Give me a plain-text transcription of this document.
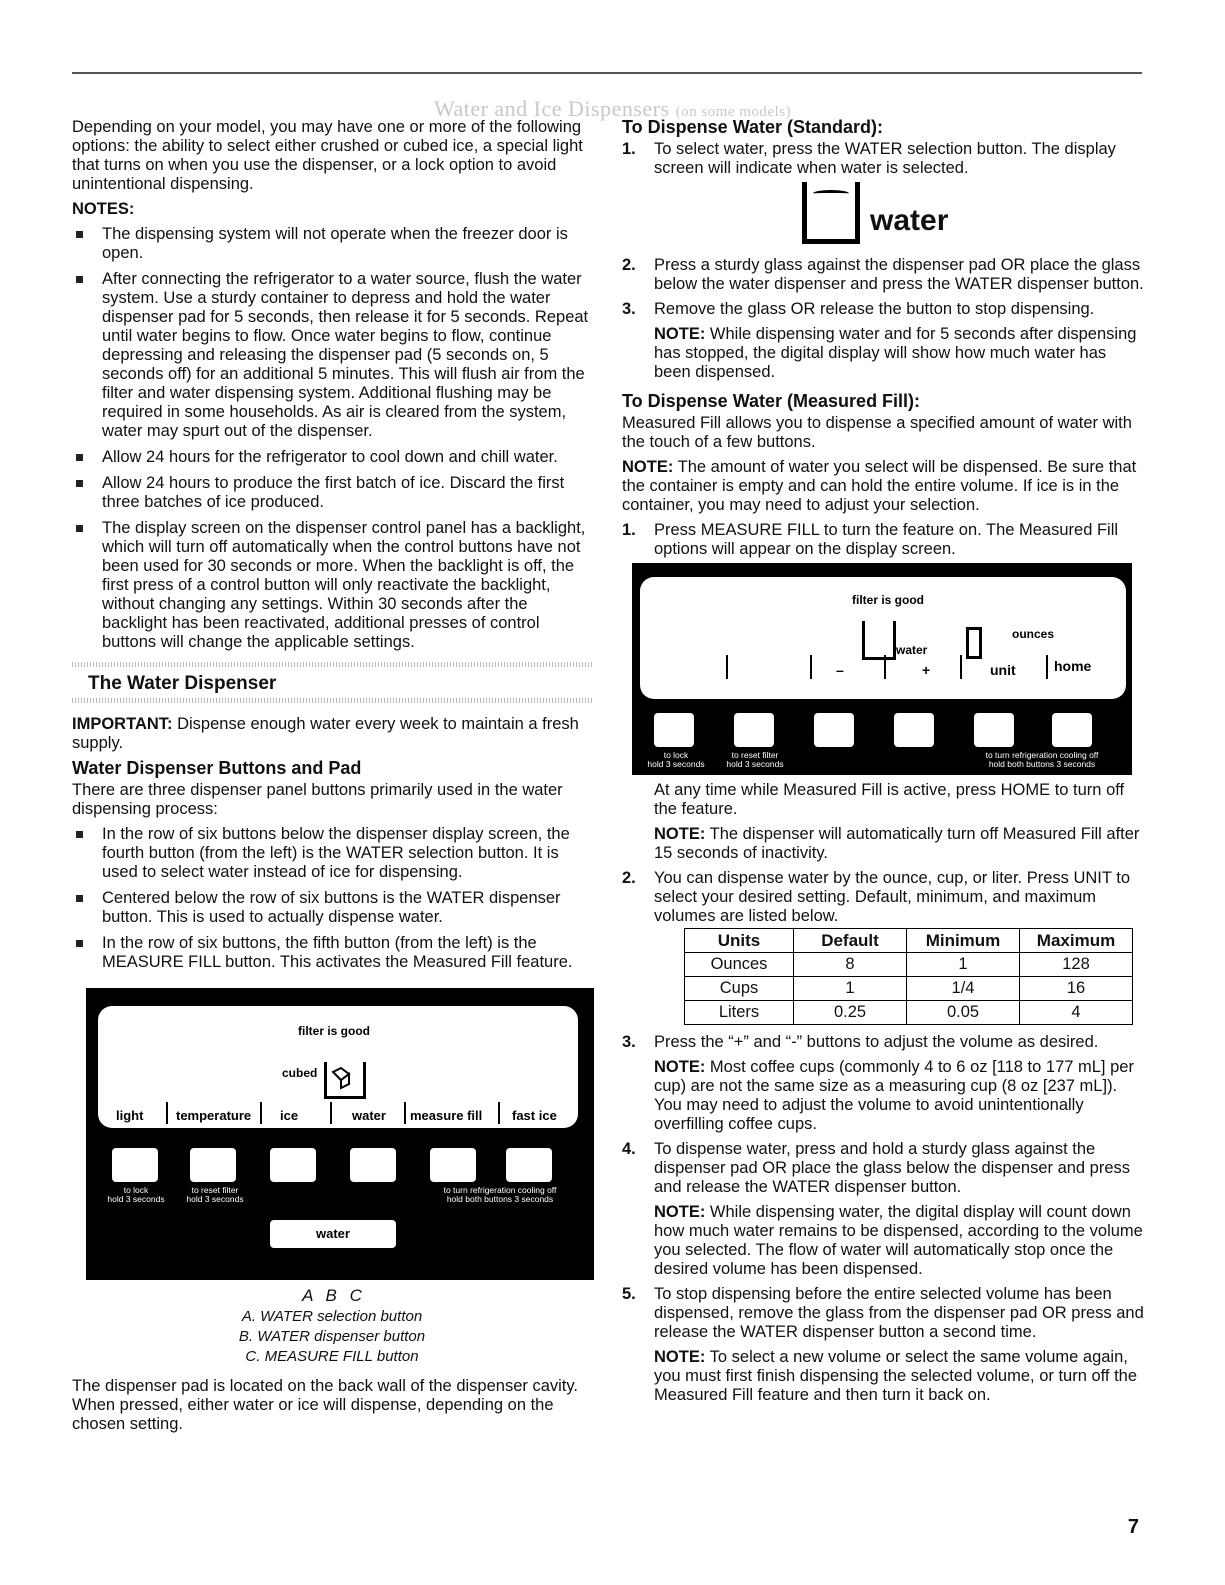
Water and Ice Dispensers (on some models)

Depending on your model, you may have one or more of the following options: the ability to select either crushed or cubed ice, a special light that turns on when you use the dispenser, or a lock option to avoid unintentional dispensing.

NOTES:
The dispensing system will not operate when the freezer door is open.
After connecting the refrigerator to a water source, flush the water system. Use a sturdy container to depress and hold the water dispenser pad for 5 seconds, then release it for 5 seconds. Repeat until water begins to flow. Once water begins to flow, continue depressing and releasing the dispenser pad (5 seconds on, 5 seconds off) for an additional 5 minutes. This will flush air from the filter and water dispensing system. Additional flushing may be required in some households. As air is cleared from the system, water may spurt out of the dispenser.
Allow 24 hours for the refrigerator to cool down and chill water.
Allow 24 hours to produce the first batch of ice. Discard the first three batches of ice produced.
The display screen on the dispenser control panel has a backlight, which will turn off automatically when the control buttons have not been used for 30 seconds or more. When the backlight is off, the first press of a control button will only reactivate the backlight, without changing any settings. Within 30 seconds after the backlight has been reactivated, additional presses of control buttons will change the applicable settings.
The Water Dispenser

IMPORTANT: Dispense enough water every week to maintain a fresh supply.

Water Dispenser Buttons and Pad

There are three dispenser panel buttons primarily used in the water dispensing process:

In the row of six buttons below the dispenser display screen, the fourth button (from the left) is the WATER selection button. It is used to select water instead of ice for dispensing.
Centered below the row of six buttons is the WATER dispenser button. This is used to actually dispense water.
In the row of six buttons, the fifth button (from the left) is the MEASURE FILL button. This activates the Measured Fill feature.
filter is good
cubed
light	temperature ice	water measure fill fast ice
to lock
hold 3 seconds
to reset filter
hold 3 seconds
to turn refrigeration cooling off
hold both buttons 3 seconds
water
A B C
A. WATER selection button
B. WATER dispenser button
C. MEASURE FILL button

The dispenser pad is located on the back wall of the dispenser cavity. When pressed, either water or ice will dispense, depending on the chosen setting.

To Dispense Water (Standard):
1. To select water, press the WATER selection button. The display screen will indicate when water is selected.
water
2. Press a sturdy glass against the dispenser pad OR place the glass below the water dispenser and press the WATER dispenser button.
3. Remove the glass OR release the button to stop dispensing.

NOTE: While dispensing water and for 5 seconds after dispensing has stopped, the digital display will show how much water has been dispensed.

To Dispense Water (Measured Fill):

Measured Fill allows you to dispense a specified amount of water with the touch of a few buttons.

NOTE: The amount of water you select will be dispensed. Be sure that the container is empty and can hold the entire volume. If ice is in the container, you may need to adjust your selection.

1. Press MEASURE FILL to turn the feature on. The Measured Fill options will appear on the display screen.
filter is good
water
ounces
–	+	unit	home
to lock
hold 3 seconds
to reset filter
hold 3 seconds
to turn refrigeration cooling off
hold both buttons 3 seconds

At any time while Measured Fill is active, press HOME to turn off the feature.

NOTE: The dispenser will automatically turn off Measured Fill after 15 seconds of inactivity.

2. You can dispense water by the ounce, cup, or liter. Press UNIT to select your desired setting. Default, minimum, and maximum volumes are listed below.
Units	Default	Minimum	Maximum
Ounces	8	1	128
Cups	1	1/4	16
Liters	0.25	0.05	4
3. Press the “+” and “-” buttons to adjust the volume as desired.

NOTE: Most coffee cups (commonly 4 to 6 oz [118 to 177 mL] per cup) are not the same size as a measuring cup (8 oz [237 mL]). You may need to adjust the volume to avoid unintentionally overfilling coffee cups.

4. To dispense water, press and hold a sturdy glass against the dispenser pad OR place the glass below the dispenser and press and release the WATER dispenser button.

NOTE: While dispensing water, the digital display will count down how much water remains to be dispensed, according to the volume you selected. The flow of water will automatically stop once the desired volume has been dispensed.

5. To stop dispensing before the entire selected volume has been dispensed, remove the glass from the dispenser pad OR press and release the WATER dispenser button a second time.

NOTE: To select a new volume or select the same volume again, you must first finish dispensing the selected volume, or turn off the Measured Fill feature and then turn it back on.

7
